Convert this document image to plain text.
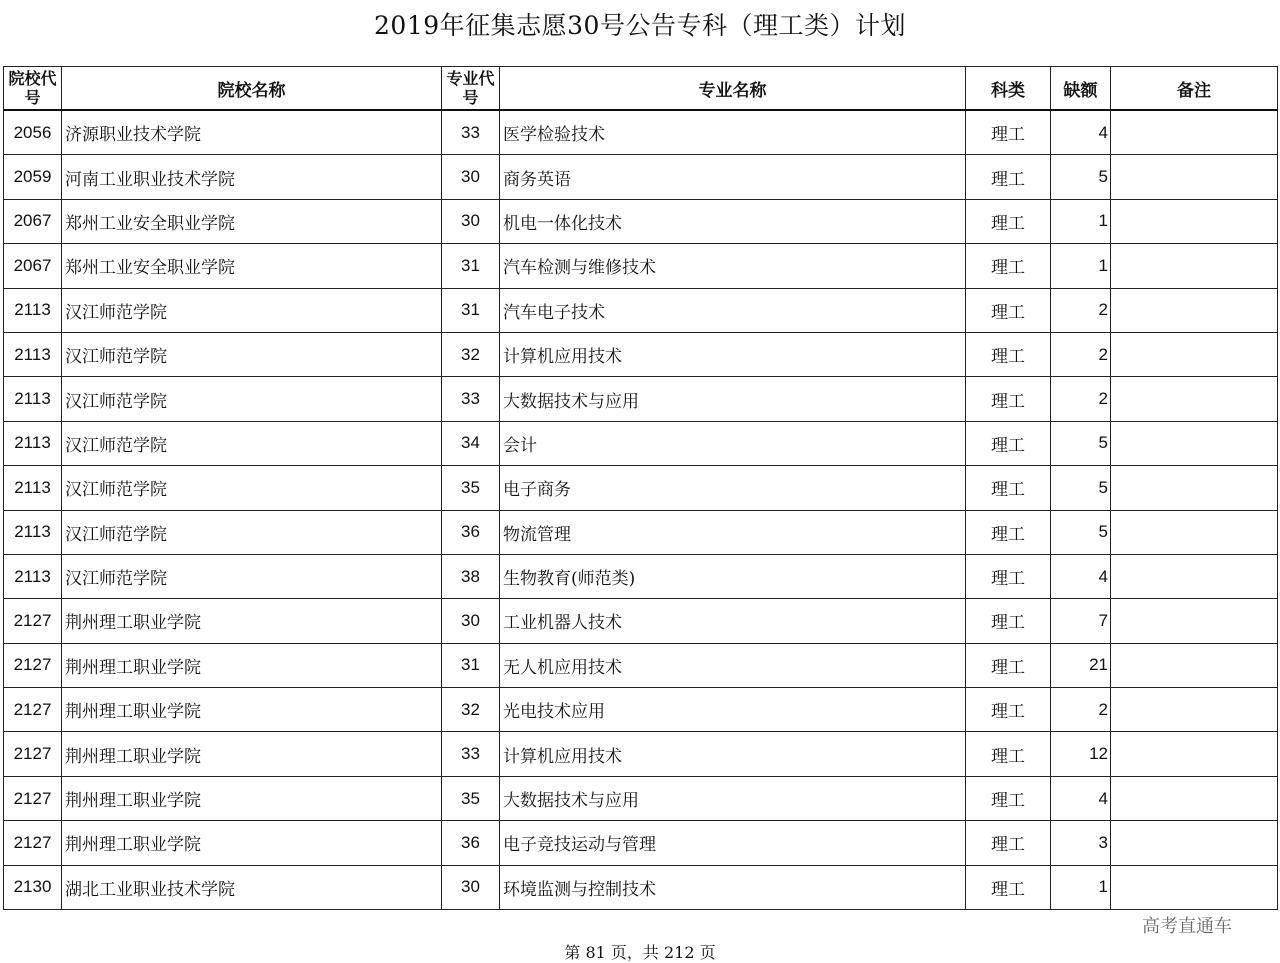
2019年征集志愿30号公告专科（理工类）计划
院校代号	院校名称	专业代号	专业名称	科类	缺额	备注
2056	济源职业技术学院	33	医学检验技术	理工	4	
2059	河南工业职业技术学院	30	商务英语	理工	5	
2067	郑州工业安全职业学院	30	机电一体化技术	理工	1	
2067	郑州工业安全职业学院	31	汽车检测与维修技术	理工	1	
2113	汉江师范学院	31	汽车电子技术	理工	2	
2113	汉江师范学院	32	计算机应用技术	理工	2	
2113	汉江师范学院	33	大数据技术与应用	理工	2	
2113	汉江师范学院	34	会计	理工	5	
2113	汉江师范学院	35	电子商务	理工	5	
2113	汉江师范学院	36	物流管理	理工	5	
2113	汉江师范学院	38	生物教育(师范类)	理工	4	
2127	荆州理工职业学院	30	工业机器人技术	理工	7	
2127	荆州理工职业学院	31	无人机应用技术	理工	21	
2127	荆州理工职业学院	32	光电技术应用	理工	2	
2127	荆州理工职业学院	33	计算机应用技术	理工	12	
2127	荆州理工职业学院	35	大数据技术与应用	理工	4	
2127	荆州理工职业学院	36	电子竞技运动与管理	理工	3	
2130	湖北工业职业技术学院	30	环境监测与控制技术	理工	1	
高考直通车
第 81 页，共 212 页
